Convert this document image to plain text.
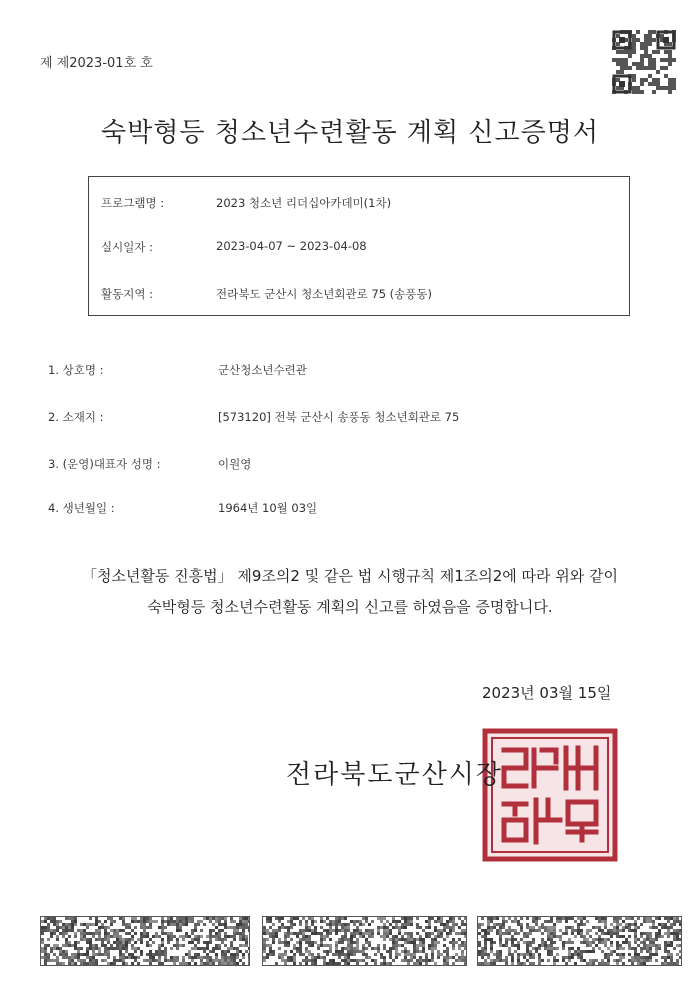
제 제2023-01호 호
숙박형등 청소년수련활동 계획 신고증명서
프로그램명 :	2023 청소년 리더십아카데미(1차)
실시일자 :	2023-04-07 ~ 2023-04-08
활동지역 :	전라북도 군산시 청소년회관로 75 (송풍동)
1. 상호명 :	군산청소년수련관
2. 소재지 :	[573120] 전북 군산시 송풍동 청소년회관로 75
3. (운영)대표자 성명 :	이원영
4. 생년월일 :	1964년 10월 03일
「청소년활동 진흥법」 제9조의2 및 같은 법 시행규칙 제1조의2에 따라 위와 같이
숙박형등 청소년수련활동 계획의 신고를 하였음을 증명합니다.
2023년 03월 15일
전라북도군산시장
